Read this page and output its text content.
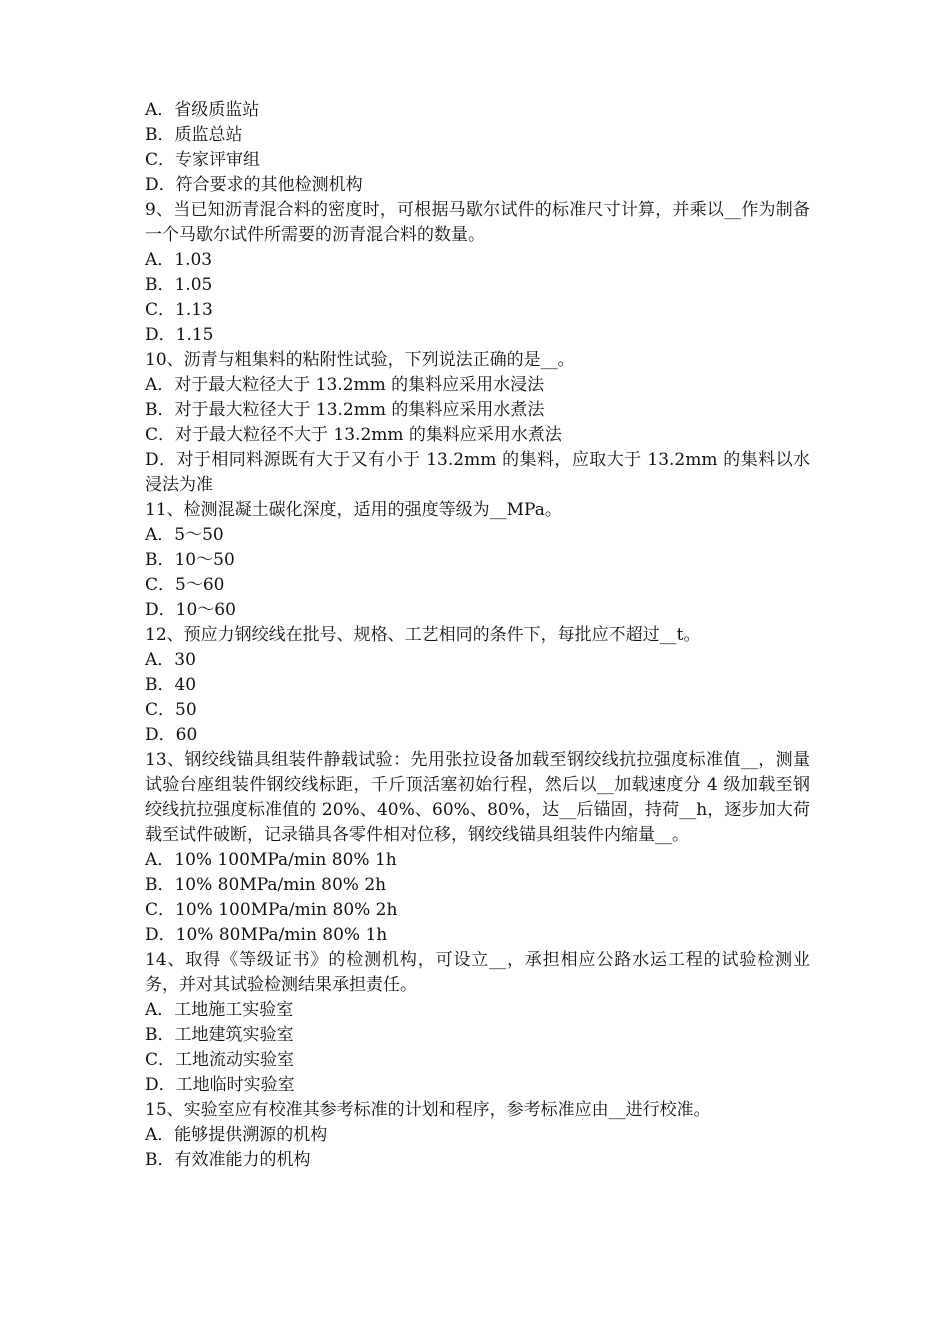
A．省级质监站
B．质监总站
C．专家评审组
D．符合要求的其他检测机构
9、当已知沥青混合料的密度时，可根据马歇尔试件的标准尺寸计算，并乘以__作为制备一个马歇尔试件所需要的沥青混合料的数量。
A．1.03
B．1.05
C．1.13
D．1.15
10、沥青与粗集料的粘附性试验，下列说法正确的是__。
A．对于最大粒径大于 13.2mm 的集料应采用水浸法
B．对于最大粒径大于 13.2mm 的集料应采用水煮法
C．对于最大粒径不大于 13.2mm 的集料应采用水煮法
D．对于相同料源既有大于又有小于 13.2mm 的集料，应取大于 13.2mm 的集料以水浸法为准
11、检测混凝土碳化深度，适用的强度等级为__MPa。
A．5～50
B．10～50
C．5～60
D．10～60
12、预应力钢绞线在批号、规格、工艺相同的条件下，每批应不超过__t。
A．30
B．40
C．50
D．60
13、钢绞线锚具组装件静载试验：先用张拉设备加载至钢绞线抗拉强度标准值__，测量试验台座组装件钢绞线标距，千斤顶活塞初始行程，然后以__加载速度分 4 级加载至钢绞线抗拉强度标准值的 20%、40%、60%、80%，达__后锚固，持荷__h，逐步加大荷载至试件破断，记录锚具各零件相对位移，钢绞线锚具组装件内缩量__。
A．10% 100MPa/min 80% 1h
B．10% 80MPa/min 80% 2h
C．10% 100MPa/min 80% 2h
D．10% 80MPa/min 80% 1h
14、取得《等级证书》的检测机构，可设立__，承担相应公路水运工程的试验检测业务，并对其试验检测结果承担责任。
A．工地施工实验室
B．工地建筑实验室
C．工地流动实验室
D．工地临时实验室
15、实验室应有校准其参考标准的计划和程序，参考标准应由__进行校准。
A．能够提供溯源的机构
B．有效准能力的机构
